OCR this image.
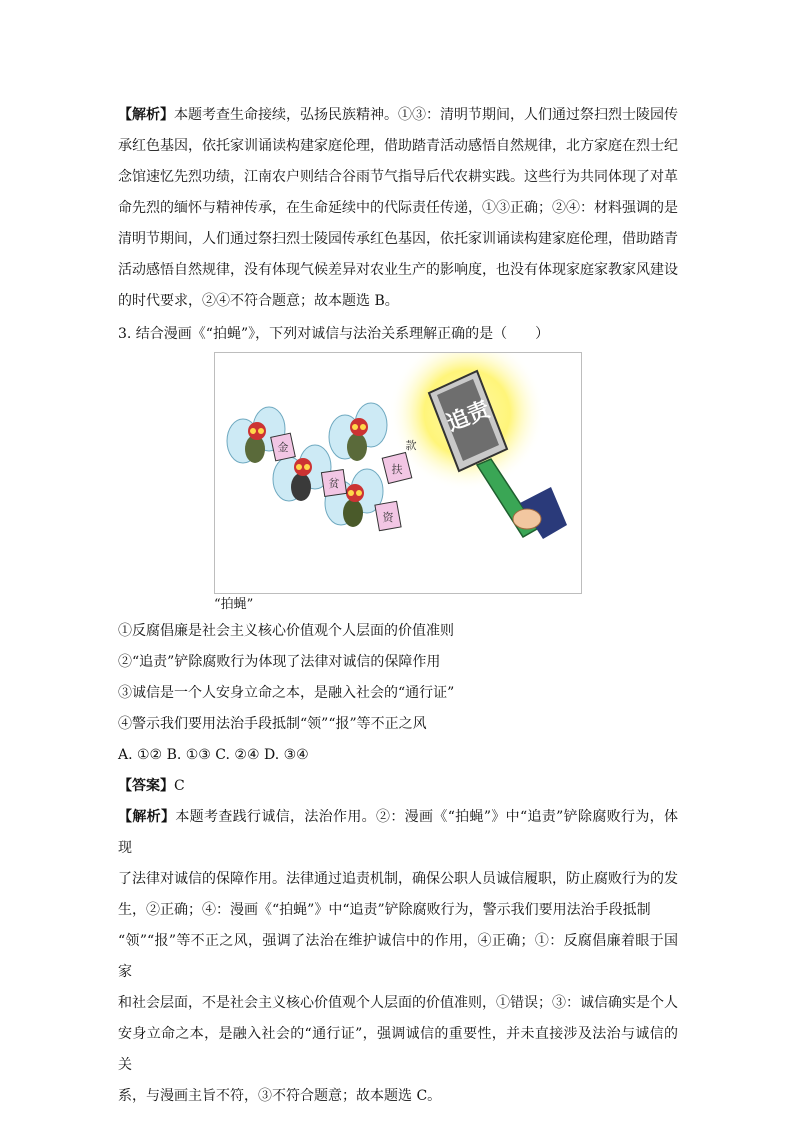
【解析】本题考查生命接续，弘扬民族精神。①③：清明节期间，人们通过祭扫烈士陵园传

承红色基因，依托家训诵读构建家庭伦理，借助踏青活动感悟自然规律，北方家庭在烈士纪

念馆速忆先烈功绩，江南农户则结合谷雨节气指导后代农耕实践。这些行为共同体现了对革

命先烈的缅怀与精神传承，在生命延续中的代际责任传递，①③正确；②④：材料强调的是

清明节期间，人们通过祭扫烈士陵园传承红色基因，依托家训诵读构建家庭伦理，借助踏青

活动感悟自然规律，没有体现气候差异对农业生产的影响度，也没有体现家庭家教家风建设

的时代要求，②④不符合题意；故本题选 B。

3. 结合漫画《“拍蝇”》，下列对诚信与法治关系理解正确的是（　　）

追责
扶
贫
资
金	款

“拍蝇”

①反腐倡廉是社会主义核心价值观个人层面的价值准则

②“追责”铲除腐败行为体现了法律对诚信的保障作用

③诚信是一个人安身立命之本，是融入社会的“通行证”

④警示我们要用法治手段抵制“领”“报”等不正之风

A. ①② B. ①③ C. ②④ D. ③④

【答案】C

【解析】本题考查践行诚信，法治作用。②：漫画《“拍蝇”》中“追责”铲除腐败行为，体现

了法律对诚信的保障作用。法律通过追责机制，确保公职人员诚信履职，防止腐败行为的发

生，②正确；④：漫画《“拍蝇”》中“追责”铲除腐败行为，警示我们要用法治手段抵制

“领”“报”等不正之风，强调了法治在维护诚信中的作用，④正确；①：反腐倡廉着眼于国家

和社会层面，不是社会主义核心价值观个人层面的价值准则，①错误；③：诚信确实是个人

安身立命之本，是融入社会的“通行证”，强调诚信的重要性，并未直接涉及法治与诚信的关

系，与漫画主旨不符，③不符合题意；故本题选 C。
